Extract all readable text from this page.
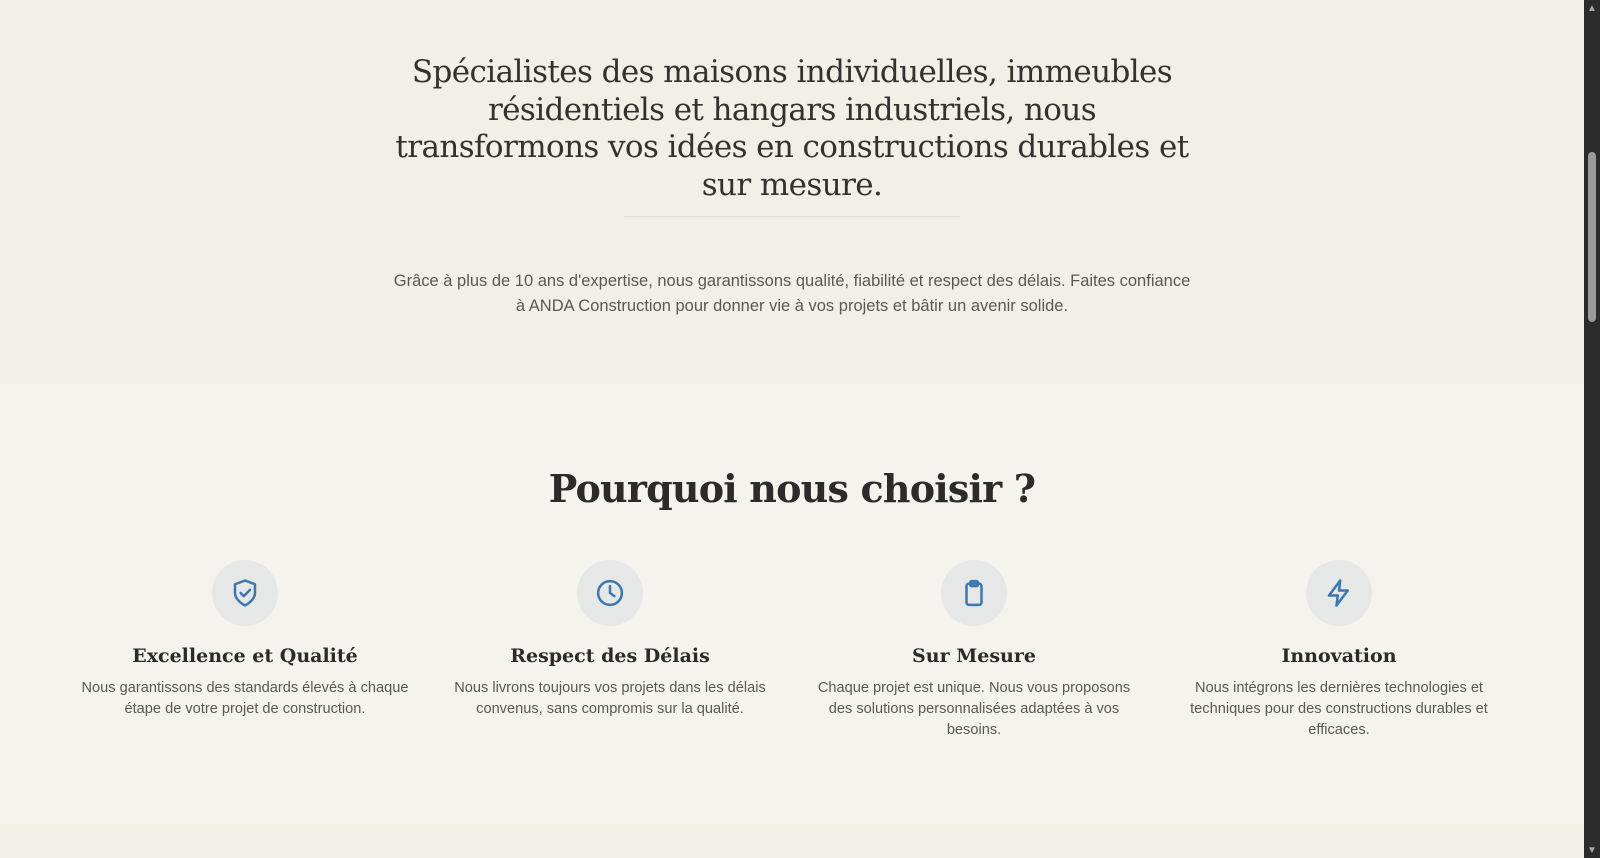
Spécialistes des maisons individuelles, immeubles résidentiels et hangars industriels, nous transformons vos idées en constructions durables et sur mesure.

Grâce à plus de 10 ans d'expertise, nous garantissons qualité, fiabilité et respect des délais. Faites confiance à ANDA Construction pour donner vie à vos projets et bâtir un avenir solide.

Pourquoi nous choisir ?
Excellence et Qualité

Nous garantissons des standards élevés à chaque étape de votre projet de construction.

Respect des Délais

Nous livrons toujours vos projets dans les délais convenus, sans compromis sur la qualité.

Sur Mesure

Chaque projet est unique. Nous vous proposons des solutions personnalisées adaptées à vos besoins.

Innovation

Nous intégrons les dernières technologies et techniques pour des constructions durables et efficaces.

▲
▼
